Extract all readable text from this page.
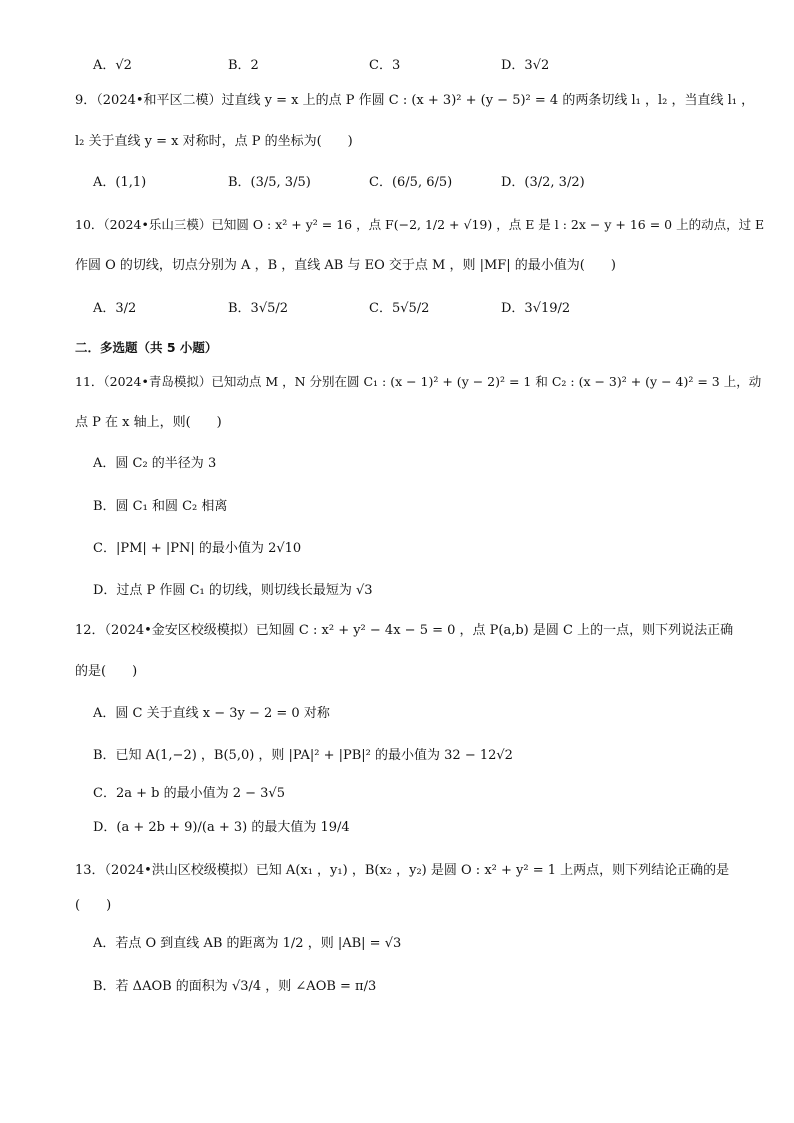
A．√2	B．2	C．3	D．3√2
9．（2024•和平区二模）过直线 y = x 上的点 P 作圆 C : (x + 3)² + (y − 5)² = 4 的两条切线 l₁ ，l₂ ，当直线 l₁ ，
l₂ 关于直线 y = x 对称时，点 P 的坐标为(　　)
A．(1,1)	B．(3/5, 3/5)	C．(6/5, 6/5)	D．(3/2, 3/2)
10．（2024•乐山三模）已知圆 O : x² + y² = 16 ，点 F(−2, 1/2 + √19) ，点 E 是 l : 2x − y + 16 = 0 上的动点，过 E
作圆 O 的切线，切点分别为 A ，B ，直线 AB 与 EO 交于点 M ，则 |MF| 的最小值为(　　)
A．3/2	B．3√5/2	C．5√5/2	D．3√19/2
二．多选题（共 5 小题）
11．（2024•青岛模拟）已知动点 M ，N 分别在圆 C₁ : (x − 1)² + (y − 2)² = 1 和 C₂ : (x − 3)² + (y − 4)² = 3 上，动
点 P 在 x 轴上，则(　　)
A．圆 C₂ 的半径为 3
B．圆 C₁ 和圆 C₂ 相离
C．|PM| + |PN| 的最小值为 2√10
D．过点 P 作圆 C₁ 的切线，则切线长最短为 √3
12．（2024•金安区校级模拟）已知圆 C : x² + y² − 4x − 5 = 0 ，点 P(a,b) 是圆 C 上的一点，则下列说法正确
的是(　　)
A．圆 C 关于直线 x − 3y − 2 = 0 对称
B．已知 A(1,−2) ，B(5,0) ，则 |PA|² + |PB|² 的最小值为 32 − 12√2
C．2a + b 的最小值为 2 − 3√5
D．(a + 2b + 9)/(a + 3) 的最大值为 19/4
13．（2024•洪山区校级模拟）已知 A(x₁ ，y₁) ，B(x₂ ，y₂) 是圆 O : x² + y² = 1 上两点，则下列结论正确的是
(　　)
A．若点 O 到直线 AB 的距离为 1/2 ，则 |AB| = √3
B．若 ΔAOB 的面积为 √3/4 ，则 ∠AOB = π/3
